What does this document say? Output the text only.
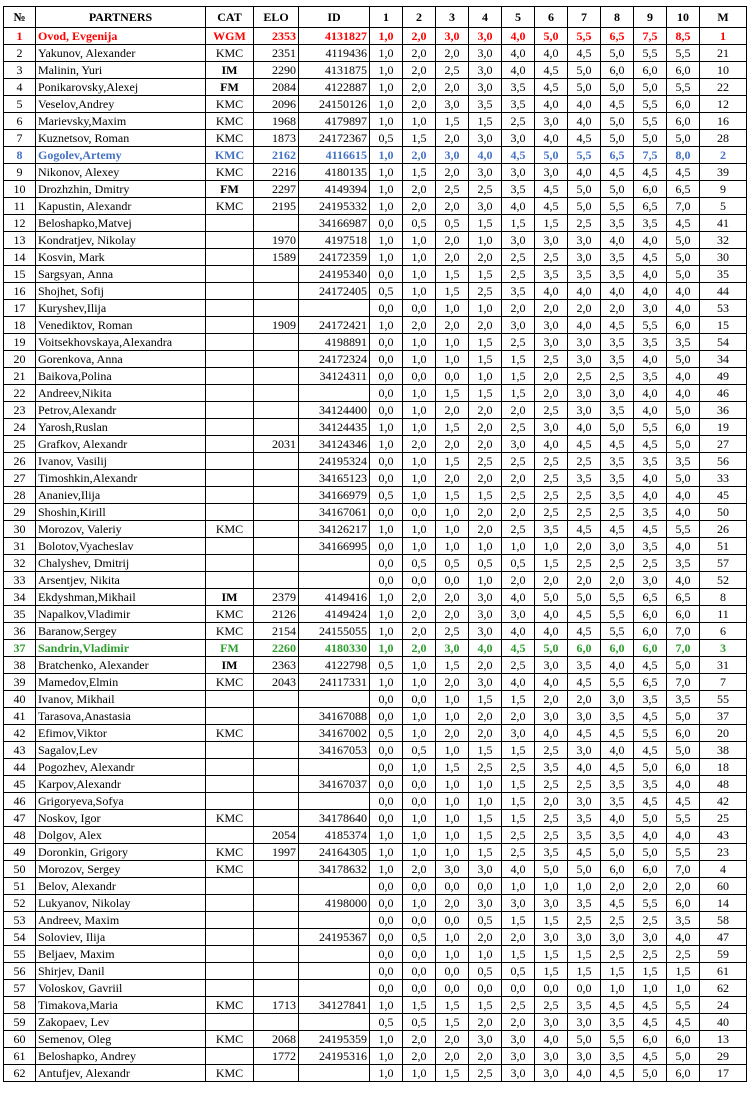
№	PARTNERS	CAT	ELO	ID	1	2	3	4	5	6	7	8	9	10	M
1	Ovod, Evgenija	WGM	2353	4131827	1,0	2,0	3,0	3,0	4,0	5,0	5,5	6,5	7,5	8,5	1
2	Yakunov, Alexander	KMC	2351	4119436	1,0	2,0	2,0	3,0	4,0	4,0	4,5	5,0	5,5	5,5	21
3	Malinin, Yuri	IM	2290	4131875	1,0	2,0	2,5	3,0	4,0	4,5	5,0	6,0	6,0	6,0	10
4	Ponikarovsky,Alexej	FM	2084	4122887	1,0	2,0	2,0	3,0	3,5	4,5	5,0	5,0	5,0	5,5	22
5	Veselov,Andrey	KMC	2096	24150126	1,0	2,0	3,0	3,5	3,5	4,0	4,0	4,5	5,5	6,0	12
6	Marievsky,Maxim	KMC	1968	4179897	1,0	1,0	1,5	1,5	2,5	3,0	4,0	5,0	5,5	6,0	16
7	Kuznetsov, Roman	KMC	1873	24172367	0,5	1,5	2,0	3,0	3,0	4,0	4,5	5,0	5,0	5,0	28
8	Gogolev,Artemy	KMC	2162	4116615	1,0	2,0	3,0	4,0	4,5	5,0	5,5	6,5	7,5	8,0	2
9	Nikonov, Alexey	KMC	2216	4180135	1,0	1,5	2,0	3,0	3,0	3,0	4,0	4,5	4,5	4,5	39
10	Drozhzhin, Dmitry	FM	2297	4149394	1,0	2,0	2,5	2,5	3,5	4,5	5,0	5,0	6,0	6,5	9
11	Kapustin, Alexandr	KMC	2195	24195332	1,0	2,0	2,0	3,0	4,0	4,5	5,0	5,5	6,5	7,0	5
12	Beloshapko,Matvej			34166987	0,0	0,5	0,5	1,5	1,5	1,5	2,5	3,5	3,5	4,5	41
13	Kondratjev, Nikolay		1970	4197518	1,0	1,0	2,0	1,0	3,0	3,0	3,0	4,0	4,0	5,0	32
14	Kosvin, Mark		1589	24172359	1,0	1,0	2,0	2,0	2,5	2,5	3,0	3,5	4,5	5,0	30
15	Sargsyan, Anna			24195340	0,0	1,0	1,5	1,5	2,5	3,5	3,5	3,5	4,0	5,0	35
16	Shojhet, Sofij			24172405	0,5	1,0	1,5	2,5	3,5	4,0	4,0	4,0	4,0	4,0	44
17	Kuryshev,Ilija				0,0	0,0	1,0	1,0	2,0	2,0	2,0	2,0	3,0	4,0	53
18	Venediktov, Roman		1909	24172421	1,0	2,0	2,0	2,0	3,0	3,0	4,0	4,5	5,5	6,0	15
19	Voitsekhovskaya,Alexandra			4198891	0,0	1,0	1,0	1,5	2,5	3,0	3,0	3,5	3,5	3,5	54
20	Gorenkova, Anna			24172324	0,0	1,0	1,0	1,5	1,5	2,5	3,0	3,5	4,0	5,0	34
21	Baikova,Polina			34124311	0,0	0,0	0,0	1,0	1,5	2,0	2,5	2,5	3,5	4,0	49
22	Andreev,Nikita				0,0	1,0	1,5	1,5	1,5	2,0	3,0	3,0	4,0	4,0	46
23	Petrov,Alexandr			34124400	0,0	1,0	2,0	2,0	2,0	2,5	3,0	3,5	4,0	5,0	36
24	Yarosh,Ruslan			34124435	1,0	1,0	1,5	2,0	2,5	3,0	4,0	5,0	5,5	6,0	19
25	Grafkov, Alexandr		2031	34124346	1,0	2,0	2,0	2,0	3,0	4,0	4,5	4,5	4,5	5,0	27
26	Ivanov, Vasilij			24195324	0,0	1,0	1,5	2,5	2,5	2,5	2,5	3,5	3,5	3,5	56
27	Timoshkin,Alexandr			34165123	0,0	1,0	2,0	2,0	2,0	2,5	3,5	3,5	4,0	5,0	33
28	Ananiev,Ilija			34166979	0,5	1,0	1,5	1,5	2,5	2,5	2,5	3,5	4,0	4,0	45
29	Shoshin,Kirill			34167061	0,0	0,0	1,0	2,0	2,0	2,5	2,5	2,5	3,5	4,0	50
30	Morozov, Valeriy	KMC		34126217	1,0	1,0	1,0	2,0	2,5	3,5	4,5	4,5	4,5	5,5	26
31	Bolotov,Vyacheslav			34166995	0,0	1,0	1,0	1,0	1,0	1,0	2,0	3,0	3,5	4,0	51
32	Chalyshev, Dmitrij				0,0	0,5	0,5	0,5	0,5	1,5	2,5	2,5	2,5	3,5	57
33	Arsentjev, Nikita				0,0	0,0	0,0	1,0	2,0	2,0	2,0	2,0	3,0	4,0	52
34	Ekdyshman,Mikhail	IM	2379	4149416	1,0	2,0	2,0	3,0	4,0	5,0	5,0	5,5	6,5	6,5	8
35	Napalkov,Vladimir	KMC	2126	4149424	1,0	2,0	2,0	3,0	3,0	4,0	4,5	5,5	6,0	6,0	11
36	Baranow,Sergey	KMC	2154	24155055	1,0	2,0	2,5	3,0	4,0	4,0	4,5	5,5	6,0	7,0	6
37	Sandrin,Vladimir	FM	2260	4180330	1,0	2,0	3,0	4,0	4,5	5,0	6,0	6,0	6,0	7,0	3
38	Bratchenko, Alexander	IM	2363	4122798	0,5	1,0	1,5	2,0	2,5	3,0	3,5	4,0	4,5	5,0	31
39	Mamedov,Elmin	KMC	2043	24117331	1,0	1,0	2,0	3,0	4,0	4,0	4,5	5,5	6,5	7,0	7
40	Ivanov, Mikhail				0,0	0,0	1,0	1,5	1,5	2,0	2,0	3,0	3,5	3,5	55
41	Tarasova,Anastasia			34167088	0,0	1,0	1,0	2,0	2,0	3,0	3,0	3,5	4,5	5,0	37
42	Efimov,Viktor	KMC		34167002	0,5	1,0	2,0	2,0	3,0	4,0	4,5	4,5	5,5	6,0	20
43	Sagalov,Lev			34167053	0,0	0,5	1,0	1,5	1,5	2,5	3,0	4,0	4,5	5,0	38
44	Pogozhev, Alexandr				0,0	1,0	1,5	2,5	2,5	3,5	4,0	4,5	5,0	6,0	18
45	Karpov,Alexandr			34167037	0,0	0,0	1,0	1,0	1,5	2,5	2,5	3,5	3,5	4,0	48
46	Grigoryeva,Sofya				0,0	0,0	1,0	1,0	1,5	2,0	3,0	3,5	4,5	4,5	42
47	Noskov, Igor	KMC		34178640	0,0	1,0	1,0	1,5	1,5	2,5	3,5	4,0	5,0	5,5	25
48	Dolgov, Alex		2054	4185374	1,0	1,0	1,0	1,5	2,5	2,5	3,5	3,5	4,0	4,0	43
49	Doronkin, Grigory	KMC	1997	24164305	1,0	1,0	1,0	1,5	2,5	3,5	4,5	5,0	5,0	5,5	23
50	Morozov, Sergey	KMC		34178632	1,0	2,0	3,0	3,0	4,0	5,0	5,0	6,0	6,0	7,0	4
51	Belov, Alexandr				0,0	0,0	0,0	0,0	1,0	1,0	1,0	2,0	2,0	2,0	60
52	Lukyanov, Nikolay			4198000	0,0	1,0	2,0	3,0	3,0	3,0	3,5	4,5	5,5	6,0	14
53	Andreev, Maxim				0,0	0,0	0,0	0,5	1,5	1,5	2,5	2,5	2,5	3,5	58
54	Soloviev, Ilija			24195367	0,0	0,5	1,0	2,0	2,0	3,0	3,0	3,0	3,0	4,0	47
55	Beljaev, Maxim				0,0	0,0	1,0	1,0	1,5	1,5	1,5	2,5	2,5	2,5	59
56	Shirjev, Danil				0,0	0,0	0,0	0,5	0,5	1,5	1,5	1,5	1,5	1,5	61
57	Voloskov, Gavriil				0,0	0,0	0,0	0,0	0,0	0,0	0,0	1,0	1,0	1,0	62
58	Timakova,Maria	KMC	1713	34127841	1,0	1,5	1,5	1,5	2,5	2,5	3,5	4,5	4,5	5,5	24
59	Zakopaev, Lev				0,5	0,5	1,5	2,0	2,0	3,0	3,0	3,5	4,5	4,5	40
60	Semenov, Oleg	KMC	2068	24195359	1,0	2,0	2,0	3,0	3,0	4,0	5,0	5,5	6,0	6,0	13
61	Beloshapko, Andrey		1772	24195316	1,0	2,0	2,0	2,0	3,0	3,0	3,0	3,5	4,5	5,0	29
62	Antufjev, Alexandr	KMC			1,0	1,0	1,5	2,5	3,0	3,0	4,0	4,5	5,0	6,0	17
